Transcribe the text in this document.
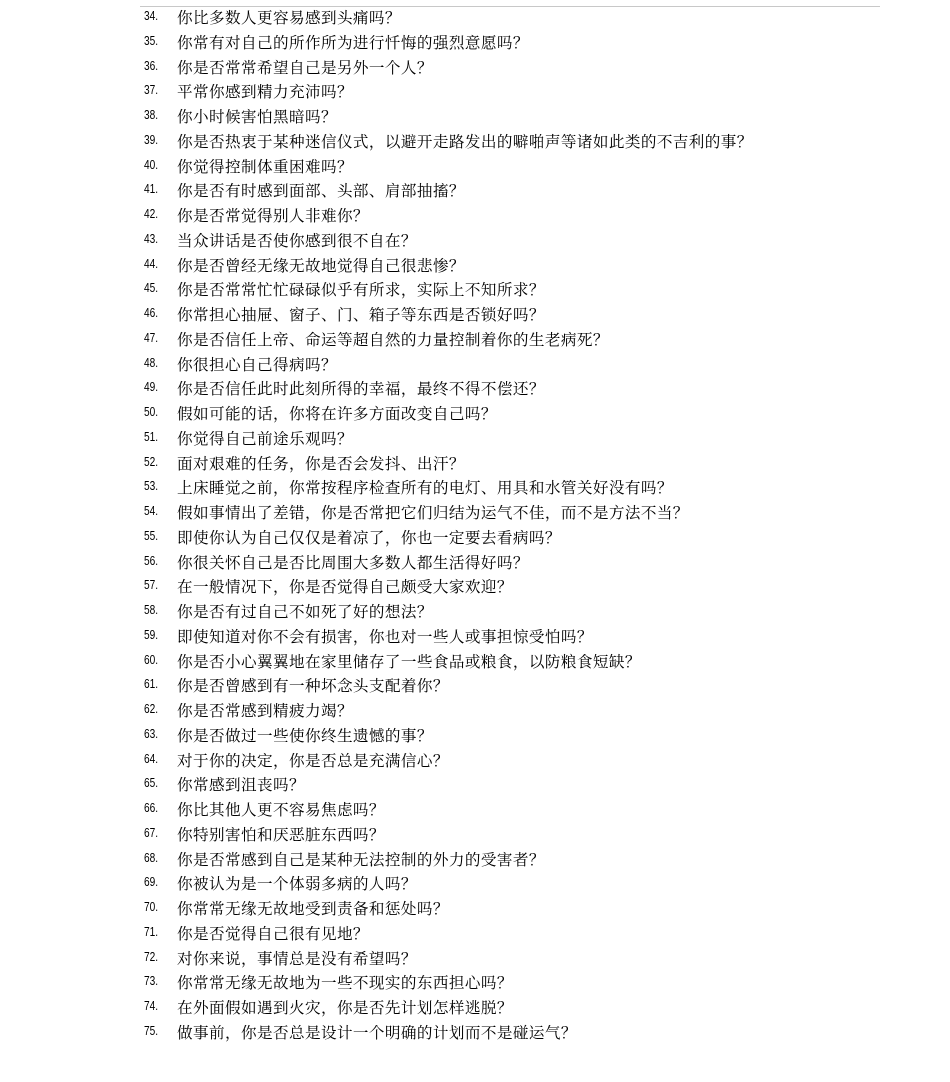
34. 你比多数人更容易感到头痛吗？
35. 你常有对自己的所作所为进行忏悔的强烈意愿吗？
36. 你是否常常希望自己是另外一个人？
37. 平常你感到精力充沛吗？
38. 你小时候害怕黑暗吗？
39. 你是否热衷于某种迷信仪式，以避开走路发出的噼啪声等诸如此类的不吉利的事？
40. 你觉得控制体重困难吗？
41. 你是否有时感到面部、头部、肩部抽搐？
42. 你是否常觉得别人非难你？
43. 当众讲话是否使你感到很不自在？
44. 你是否曾经无缘无故地觉得自己很悲惨？
45. 你是否常常忙忙碌碌似乎有所求，实际上不知所求？
46. 你常担心抽屉、窗子、门、箱子等东西是否锁好吗？
47. 你是否信任上帝、命运等超自然的力量控制着你的生老病死？
48. 你很担心自己得病吗？
49. 你是否信任此时此刻所得的幸福，最终不得不偿还？
50. 假如可能的话，你将在许多方面改变自己吗？
51. 你觉得自己前途乐观吗？
52. 面对艰难的任务，你是否会发抖、出汗？
53. 上床睡觉之前，你常按程序检查所有的电灯、用具和水管关好没有吗？
54. 假如事情出了差错，你是否常把它们归结为运气不佳，而不是方法不当？
55. 即使你认为自己仅仅是着凉了，你也一定要去看病吗？
56. 你很关怀自己是否比周围大多数人都生活得好吗？
57. 在一般情况下，你是否觉得自己颇受大家欢迎？
58. 你是否有过自己不如死了好的想法？
59. 即使知道对你不会有损害，你也对一些人或事担惊受怕吗？
60. 你是否小心翼翼地在家里储存了一些食品或粮食，以防粮食短缺？
61. 你是否曾感到有一种坏念头支配着你？
62. 你是否常感到精疲力竭？
63. 你是否做过一些使你终生遗憾的事？
64. 对于你的决定，你是否总是充满信心？
65. 你常感到沮丧吗？
66. 你比其他人更不容易焦虑吗？
67. 你特别害怕和厌恶脏东西吗？
68. 你是否常感到自己是某种无法控制的外力的受害者？
69. 你被认为是一个体弱多病的人吗？
70. 你常常无缘无故地受到责备和惩处吗？
71. 你是否觉得自己很有见地？
72. 对你来说，事情总是没有希望吗？
73. 你常常无缘无故地为一些不现实的东西担心吗？
74. 在外面假如遇到火灾，你是否先计划怎样逃脱？
75. 做事前，你是否总是设计一个明确的计划而不是碰运气？
